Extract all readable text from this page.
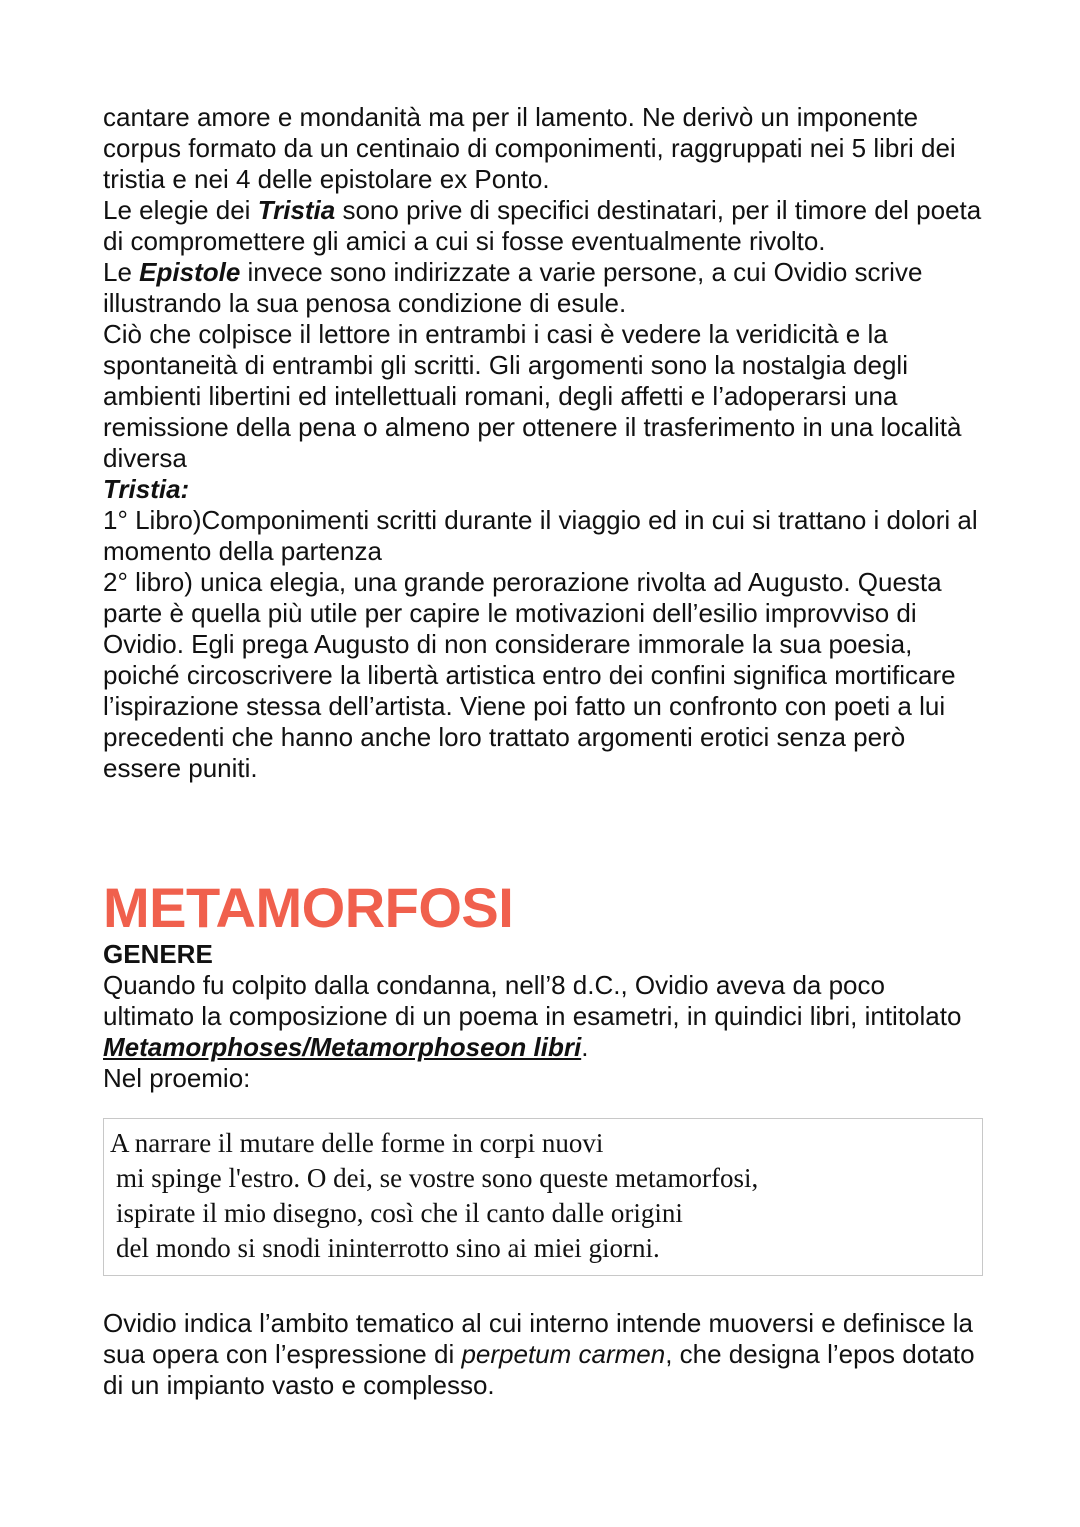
cantare amore e mondanità ma per il lamento. Ne derivò un imponente corpus formato da un centinaio di componimenti, raggruppati nei 5 libri dei tristia e nei 4 delle epistolare ex Ponto.

Le elegie dei Tristia sono prive di specifici destinatari, per il timore del poeta di compromettere gli amici a cui si fosse eventualmente rivolto.

Le Epistole invece sono indirizzate a varie persone, a cui Ovidio scrive illustrando la sua penosa condizione di esule.

Ciò che colpisce il lettore in entrambi i casi è vedere la veridicità e la spontaneità di entrambi gli scritti. Gli argomenti sono la nostalgia degli ambienti libertini ed intellettuali romani, degli affetti e l’adoperarsi una remissione della pena o almeno per ottenere il trasferimento in una località diversa

Tristia:

1° Libro)Componimenti scritti durante il viaggio ed in cui si trattano i dolori al momento della partenza

2° libro) unica elegia, una grande perorazione rivolta ad Augusto. Questa parte è quella più utile per capire le motivazioni dell’esilio improvviso di Ovidio. Egli prega Augusto di non considerare immorale la sua poesia, poiché circoscrivere la libertà artistica entro dei confini significa mortificare l’ispirazione stessa dell’artista. Viene poi fatto un confronto con poeti a lui precedenti che hanno anche loro trattato argomenti erotici senza però essere puniti.

METAMORFOSI

GENERE

Quando fu colpito dalla condanna, nell’8 d.C., Ovidio aveva da poco ultimato la composizione di un poema in esametri, in quindici libri, intitolato Metamorphoses/Metamorphoseon libri.

Nel proemio:

A narrare il mutare delle forme in corpi nuovi

mi spinge l'estro. O dei, se vostre sono queste metamorfosi,

ispirate il mio disegno, così che il canto dalle origini

del mondo si snodi ininterrotto sino ai miei giorni.

Ovidio indica l’ambito tematico al cui interno intende muoversi e definisce la sua opera con l’espressione di perpetum carmen, che designa l’epos dotato di un impianto vasto e complesso.
